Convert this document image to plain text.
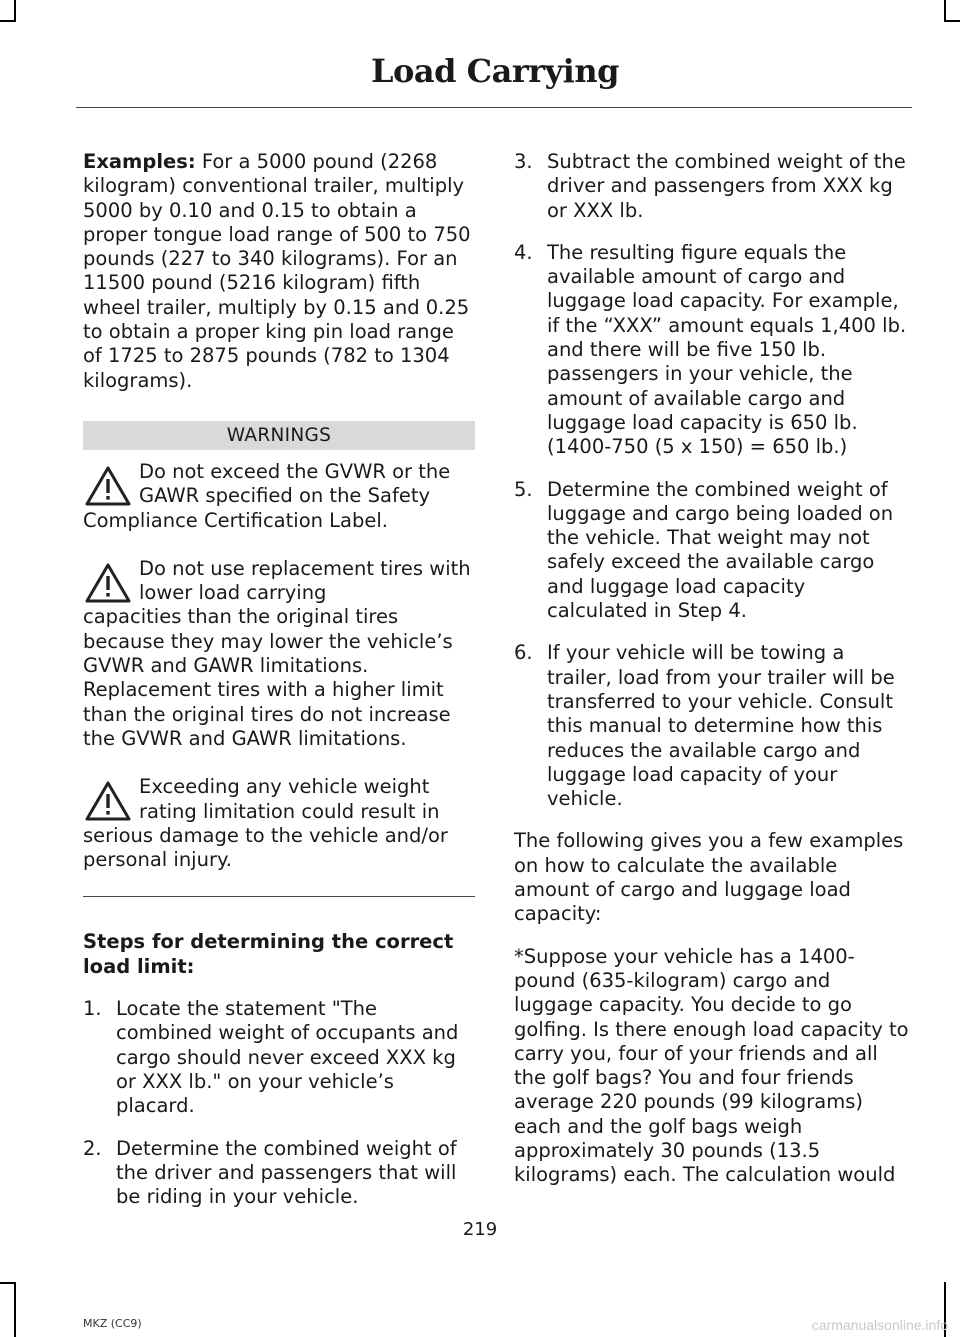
Load Carrying

Examples: For a 5000 pound (2268 kilogram) conventional trailer, multiply 5000 by 0.10 and 0.15 to obtain a proper tongue load range of 500 to 750 pounds (227 to 340 kilograms). For an 11500 pound (5216 kilogram) fifth wheel trailer, multiply by 0.15 and 0.25 to obtain a proper king pin load range of 1725 to 2875 pounds (782 to 1304 kilograms).

WARNINGS
Do not exceed the GVWR or the GAWR specified on the Safety
Compliance Certification Label.
Do not use replacement tires with lower load carrying
capacities than the original tires because they may lower the vehicle’s GVWR and GAWR limitations. Replacement tires with a higher limit than the original tires do not increase the GVWR and GAWR limitations.
Exceeding any vehicle weight rating limitation could result in
serious damage to the vehicle and/or personal injury.
Steps for determining the correct load limit:
1. Locate the statement "The combined weight of occupants and cargo should never exceed XXX kg or XXX lb." on your vehicle’s placard.
2. Determine the combined weight of the driver and passengers that will be riding in your vehicle.
3. Subtract the combined weight of the driver and passengers from XXX kg or XXX lb.
4. The resulting figure equals the available amount of cargo and luggage load capacity. For example, if the “XXX” amount equals 1,400 lb. and there will be five 150 lb. passengers in your vehicle, the amount of available cargo and luggage load capacity is 650 lb. (1400-750 (5 x 150) = 650 lb.)
5. Determine the combined weight of luggage and cargo being loaded on the vehicle. That weight may not safely exceed the available cargo and luggage load capacity calculated in Step 4.
6. If your vehicle will be towing a trailer, load from your trailer will be transferred to your vehicle. Consult this manual to determine how this reduces the available cargo and luggage load capacity of your vehicle.

The following gives you a few examples on how to calculate the available amount of cargo and luggage load capacity:

*Suppose your vehicle has a 1400-pound (635-kilogram) cargo and luggage capacity. You decide to go golfing. Is there enough load capacity to carry you, four of your friends and all the golf bags? You and four friends average 220 pounds (99 kilograms) each and the golf bags weigh approximately 30 pounds (13.5 kilograms) each. The calculation would

219
MKZ (CC9)	carmanualsonline.info
